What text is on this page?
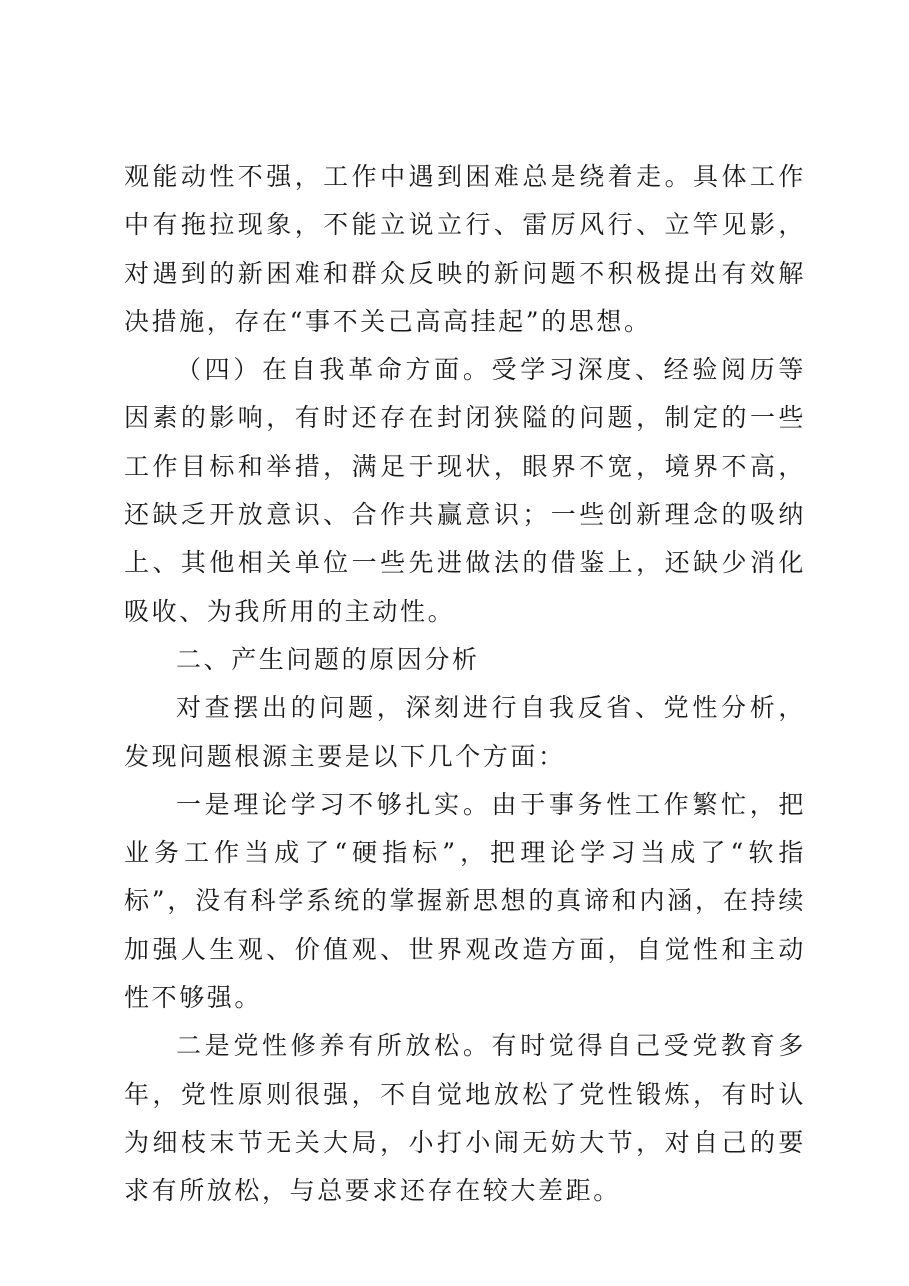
观能动性不强，工作中遇到困难总是绕着走。具体工作中有拖拉现象，不能立说立行、雷厉风行、立竿见影，对遇到的新困难和群众反映的新问题不积极提出有效解决措施，存在“事不关己高高挂起”的思想。

（四）在自我革命方面。受学习深度、经验阅历等因素的影响，有时还存在封闭狭隘的问题，制定的一些工作目标和举措，满足于现状，眼界不宽，境界不高，还缺乏开放意识、合作共赢意识；一些创新理念的吸纳上、其他相关单位一些先进做法的借鉴上，还缺少消化吸收、为我所用的主动性。

二、产生问题的原因分析

对查摆出的问题，深刻进行自我反省、党性分析，发现问题根源主要是以下几个方面：

一是理论学习不够扎实。由于事务性工作繁忙，把业务工作当成了“硬指标”，把理论学习当成了“软指标”，没有科学系统的掌握新思想的真谛和内涵，在持续加强人生观、价值观、世界观改造方面，自觉性和主动性不够强。

二是党性修养有所放松。有时觉得自己受党教育多年，党性原则很强，不自觉地放松了党性锻炼，有时认为细枝末节无关大局，小打小闹无妨大节，对自己的要求有所放松，与总要求还存在较大差距。
